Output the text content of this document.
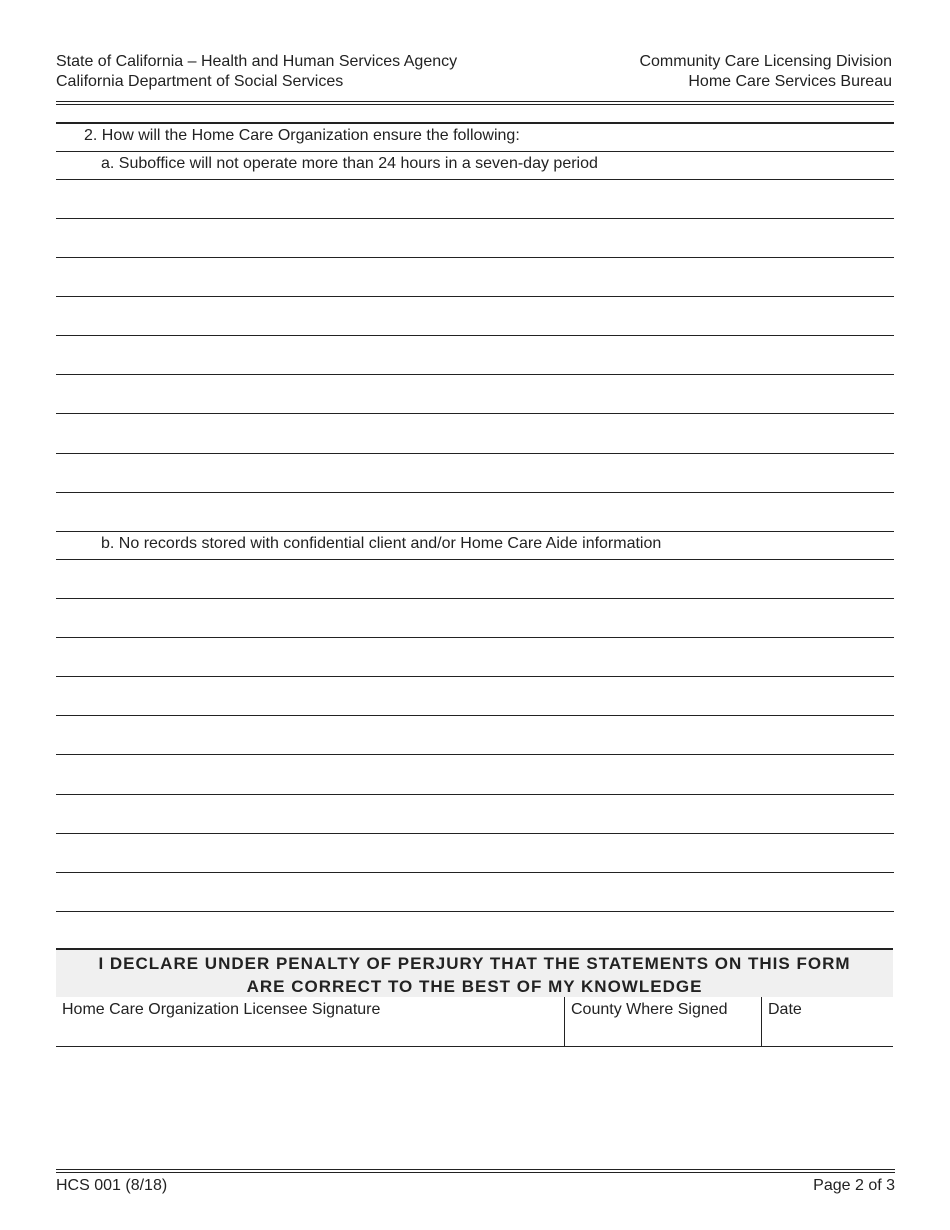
State of California – Health and Human Services Agency
California Department of Social Services
Community Care Licensing Division
Home Care Services Bureau
2. How will the Home Care Organization ensure the following:
a. Suboffice will not operate more than 24 hours in a seven-day period
b. No records stored with confidential client and/or Home Care Aide information
I DECLARE UNDER PENALTY OF PERJURY THAT THE STATEMENTS ON THIS FORM
ARE CORRECT TO THE BEST OF MY KNOWLEDGE
Home Care Organization Licensee Signature	County Where Signed	Date
HCS 001 (8/18)	Page 2 of 3
